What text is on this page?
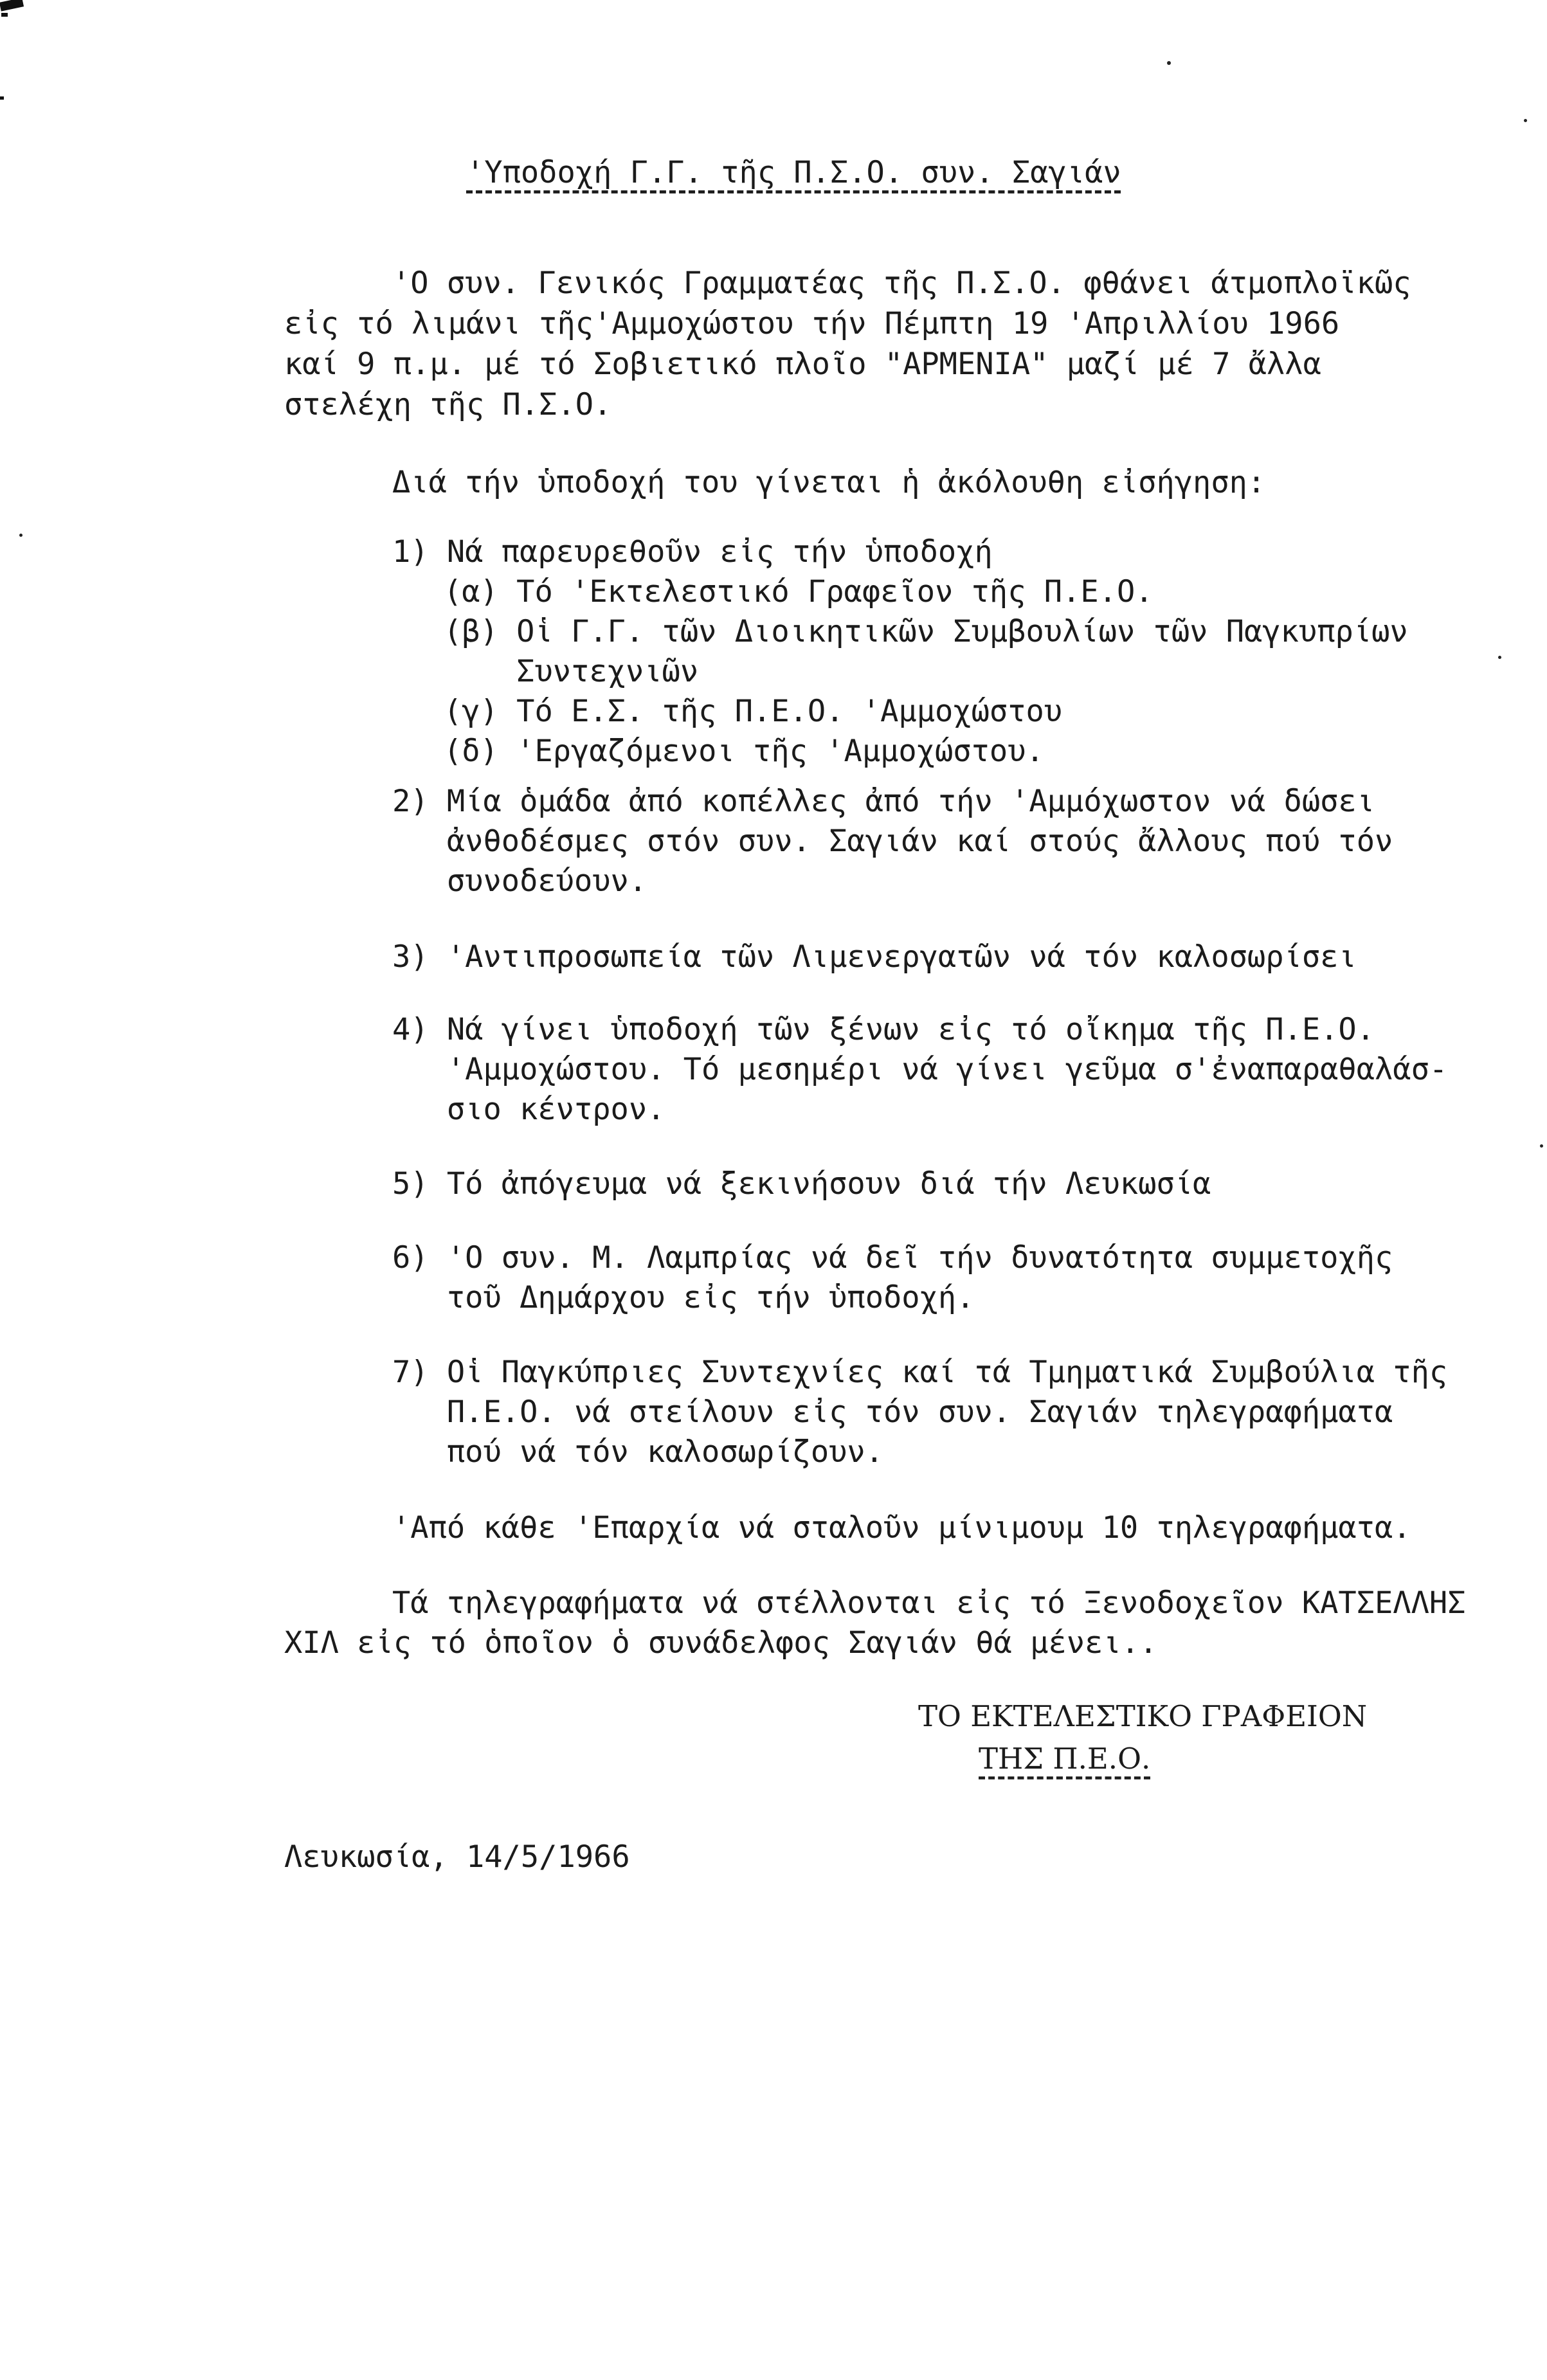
'Υποδοχή Γ.Γ. τῆς Π.Σ.Ο. συν. Σαγιάν
'Ο συν. Γενικός Γραμματέας τῆς Π.Σ.Ο. φθάνει άτμοπλοϊκῶς
εἰς τό λιμάνι τῆς'Αμμοχώστου τήν Πέμπτη 19 'Απριλλίου 1966
καί 9 π.μ. μέ τό Σοβιετικό πλοῖο "ΑΡΜΕΝΙΑ" μαζί μέ 7 ἄλλα
στελέχη τῆς Π.Σ.Ο.
Διά τήν ὑποδοχή του γίνεται ἡ ἀκόλουθη εἰσήγηση:
1) Νά παρευρεθοῦν εἰς τήν ὑποδοχή
(α) Τό 'Εκτελεστικό Γραφεῖον τῆς Π.Ε.Ο.
(β) Οἱ Γ.Γ. τῶν Διοικητικῶν Συμβουλίων τῶν Παγκυπρίων
Συντεχνιῶν
(γ) Τό Ε.Σ. τῆς Π.Ε.Ο. 'Αμμοχώστου
(δ) 'Εργαζόμενοι τῆς 'Αμμοχώστου.
2) Μία ὁμάδα ἀπό κοπέλλες ἀπό τήν 'Αμμόχωστον νά δώσει
ἀνθοδέσμες στόν συν. Σαγιάν καί στούς ἄλλους πού τόν
συνοδεύουν.
3) 'Αντιπροσωπεία τῶν Λιμενεργατῶν νά τόν καλοσωρίσει
4) Νά γίνει ὑποδοχή τῶν ξένων εἰς τό οἴκημα τῆς Π.Ε.Ο.
'Αμμοχώστου. Τό μεσημέρι νά γίνει γεῦμα σ'ἐναπαραθαλάσ-
σιο κέντρον.
5) Τό ἀπόγευμα νά ξεκινήσουν διά τήν Λευκωσία
6) 'Ο συν. Μ. Λαμπρίας νά δεῖ τήν δυνατότητα συμμετοχῆς
τοῦ Δημάρχου εἰς τήν ὑποδοχή.
7) Οἱ Παγκύπριες Συντεχνίες καί τά Τμηματικά Συμβούλια τῆς
Π.Ε.Ο. νά στείλουν εἰς τόν συν. Σαγιάν τηλεγραφήματα
πού νά τόν καλοσωρίζουν.
'Από κάθε 'Επαρχία νά σταλοῦν μίνιμουμ 10 τηλεγραφήματα.
Τά τηλεγραφήματα νά στέλλονται εἰς τό Ξενοδοχεῖον ΚΑΤΣΕΛΛΗΣ
ΧΙΛ εἰς τό ὁποῖον ὁ συνάδελφος Σαγιάν θά μένει..
ΤΟ ΕΚΤΕΛΕΣΤΙΚΟ ΓΡΑΦΕΙΟΝ
ΤΗΣ Π.Ε.Ο.
Λευκωσία, 14/5/1966
